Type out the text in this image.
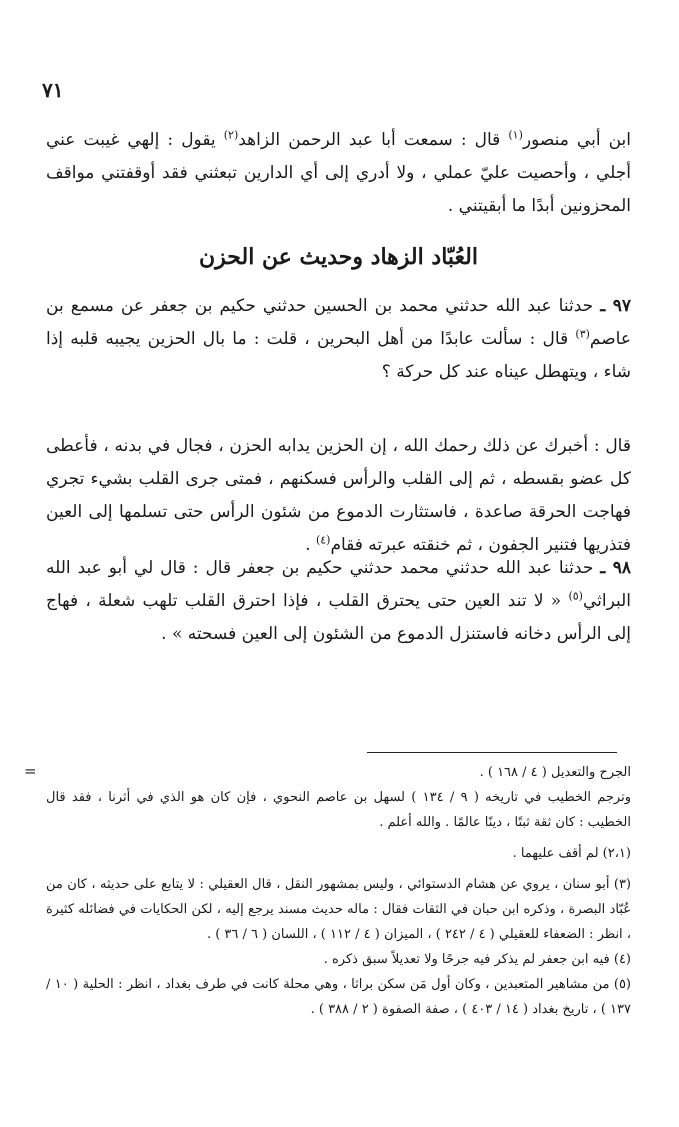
٧١

ابن أبي منصور$^{(١)}$ قال : سمعت أبا عبد الرحمن الزاهد$^{(٢)}$ يقول : إلهي غيبت عني أجلي ، وأحصيت عليّ عملي ، ولا أدري إلى أي الدارين تبعثني فقد أوقفتني مواقف المحزونين أبدًا ما أبقيتني .

العُبّاد الزهاد وحديث عن الحزن

٩٧ ـ حدثنا عبد الله حدثني محمد بن الحسين حدثني حكيم بن جعفر عن مسمع بن عاصم$^{(٣)}$ قال : سألت عابدًا من أهل البحرين ، قلت : ما بال الحزين يجيبه قلبه إذا شاء ، ويتهطل عيناه عند كل حركة ؟

قال : أخبرك عن ذلك رحمك الله ، إن الحزين يدابه الحزن ، فجال في بدنه ، فأعطى كل عضو بقسطه ، ثم إلى القلب والرأس فسكنهم ، فمتى جرى القلب بشيء تجري فهاجت الحرقة صاعدة ، فاستثارت الدموع من شئون الرأس حتى تسلمها إلى العين فتذريها فتنير الجفون ، ثم خنقته عبرته فقام$^{(٤)}$ .

٩٨ ـ حدثنا عبد الله حدثني محمد حدثني حكيم بن جعفر قال : قال لي أبو عبد الله البراثي$^{(٥)}$ « لا تند العين حتى يحترق القلب ، فإذا احترق القلب تلهب شعلة ، فهاج إلى الرأس دخانه فاستنزل الدموع من الشئون إلى العين فسحته » .

=	الجرح والتعديل ( ٤ / ١٦٨ ) .

وترجم الخطيب في تاريخه ( ٩ / ١٣٤ ) لسهل بن عاصم النحوي ، فإن كان هو الذي في أثرنا ، فقد قال الخطيب : كان ثقة ثبتًا ، دينًا عالمًا . والله أعلم .

(٢،١) لم أقف عليهما .

(٣) أبو سنان ، يروي عن هشام الدستوائي ، وليس بمشهور النقل ، قال العقيلي : لا يتابع على حديثه ، كان من عُبّاد البصرة ، وذكره ابن حبان في الثقات فقال : ماله حديث مسند يرجع إليه ، لكن الحكايات في فضائله كثيرة ، انظر : الضعفاء للعقيلي ( ٤ / ٢٤٢ ) ، الميزان ( ٤ / ١١٢ ) ، اللسان ( ٦ / ٣٦ ) .

(٤) فيه ابن جعفر لم يذكر فيه جرحًا ولا تعديلاً سبق ذكره .

(٥) من مشاهير المتعبدين ، وكان أول مَن سكن براثا ، وهي محلة كانت في طرف بغداد ، انظر : الحلية ( ١٠ / ١٣٧ ) ، تاريخ بغداد ( ١٤ / ٤٠٣ ) ، صفة الصفوة ( ٢ / ٣٨٨ ) .
